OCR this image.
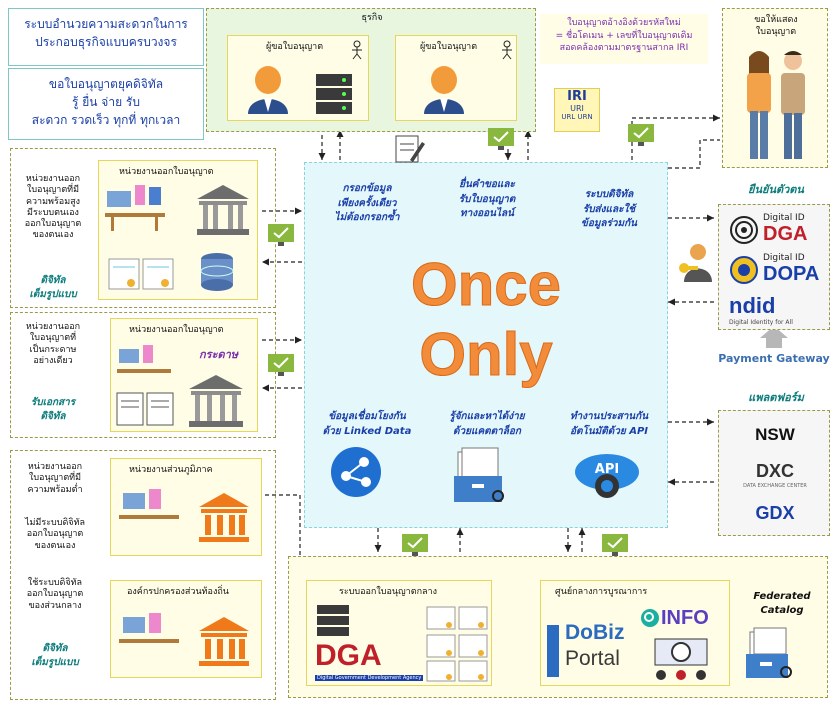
ระบบอำนวยความสะดวกในการ
ประกอบธุรกิจแบบครบวงจร
ขอใบอนุญาตยุคดิจิทัล
รู้ ยื่น จ่าย รับ
สะดวก รวดเร็ว ทุกที่ ทุกเวลา
ธุรกิจ
ผู้ขอใบอนุญาต	ผู้ขอใบอนุญาต
ใบอนุญาตอ้างอิงด้วยรหัสใหม่
= ชื่อโดเมน + เลขที่ใบอนุญาตเดิม
สอดคล้องตามมาตรฐานสากล IRI
IRI
URI
URL URN
ขอให้แสดง
ใบอนุญาต
หน่วยงานออก
ใบอนุญาตที่มี
ความพร้อมสูง
มีระบบตนเอง
ออกใบอนุญาต
ของตนเอง
ดิจิทัล
เต็มรูปแบบ
หน่วยงานออกใบอนุญาต
หน่วยงานออก
ใบอนุญาตที่
เป็นกระดาษ
อย่างเดียว
รับเอกสาร
ดิจิทัล
หน่วยงานออกใบอนุญาต
กระดาษ
หน่วยงานออก
ใบอนุญาตที่มี
ความพร้อมต่ำ
ไม่มีระบบดิจิทัล
ออกใบอนุญาต
ของตนเอง
ใช้ระบบดิจิทัล
ออกใบอนุญาต
ของส่วนกลาง
ดิจิทัล
เต็มรูปแบบ
หน่วยงานส่วนภูมิภาค
องค์กรปกครองส่วนท้องถิ่น
กรอกข้อมูล
เพียงครั้งเดียว
ไม่ต้องกรอกซ้ำ
ยื่นคำขอและ
รับใบอนุญาต
ทางออนไลน์
ระบบดิจิทัล
รับส่งและใช้
ข้อมูลร่วมกัน
Once
Only
ข้อมูลเชื่อมโยงกัน
ด้วย Linked Data
รู้จักและหาได้ง่าย
ด้วยแคตตาล็อก
ทำงานประสานกัน
อัตโนมัติด้วย API
API
ยืนยันตัวตน
Digital ID
DGA
Digital ID
DOPA
ndid
Digital Identity for All
Payment Gateway
แพลตฟอร์ม
NSW
DXC
DATA EXCHANGE CENTER
GDX
ระบบออกใบอนุญาตกลาง
DGA
Digital Government Development Agency
ศูนย์กลางการบูรณาการ
DoBiz
Portal
INFO
Federated
Catalog
